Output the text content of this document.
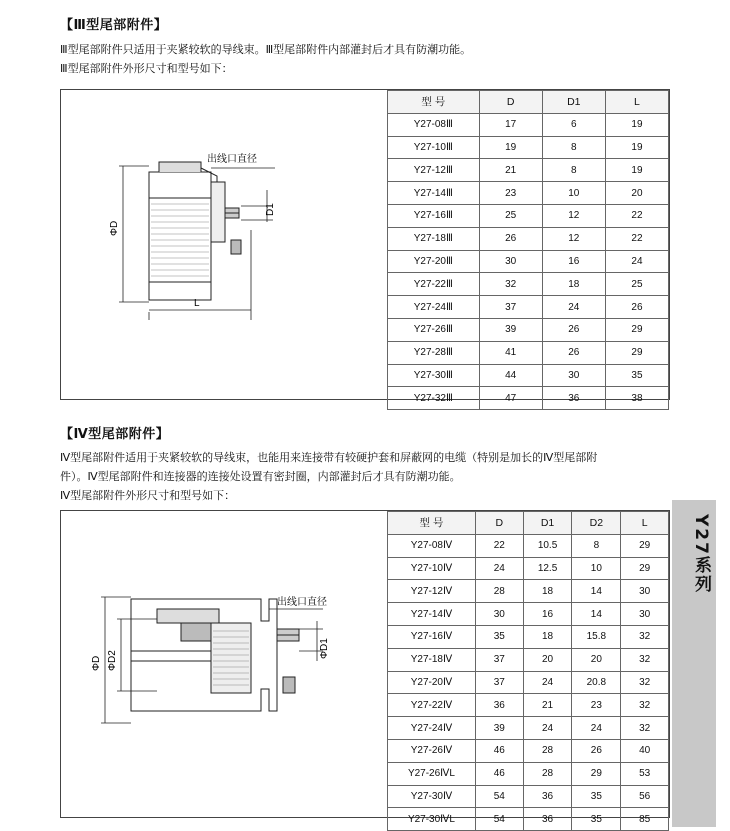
【Ⅲ型尾部附件】
Ⅲ型尾部附件只适用于夹紧较软的导线束。Ⅲ型尾部附件内部灌封后才具有防潮功能。
Ⅲ型尾部附件外形尺寸和型号如下：
出线口直径
ΦD
D1
L
型 号	D	D1	L
Y27-08Ⅲ	17	6	19
Y27-10Ⅲ	19	8	19
Y27-12Ⅲ	21	8	19
Y27-14Ⅲ	23	10	20
Y27-16Ⅲ	25	12	22
Y27-18Ⅲ	26	12	22
Y27-20Ⅲ	30	16	24
Y27-22Ⅲ	32	18	25
Y27-24Ⅲ	37	24	26
Y27-26Ⅲ	39	26	29
Y27-28Ⅲ	41	26	29
Y27-30Ⅲ	44	30	35
Y27-32Ⅲ	47	36	38
【Ⅳ型尾部附件】
Ⅳ型尾部附件适用于夹紧较软的导线束，也能用来连接带有较硬护套和屏蔽网的电缆（特别是加长的Ⅳ型尾部附
件）。Ⅳ型尾部附件和连接器的连接处设置有密封圈，内部灌封后才具有防潮功能。
Ⅳ型尾部附件外形尺寸和型号如下：
出线口直径
ΦD ΦD2
ΦD1
型 号	D	D1	D2	L
Y27-08Ⅳ	22	10.5	8	29
Y27-10Ⅳ	24	12.5	10	29
Y27-12Ⅳ	28	18	14	30
Y27-14Ⅳ	30	16	14	30
Y27-16Ⅳ	35	18	15.8	32
Y27-18Ⅳ	37	20	20	32
Y27-20Ⅳ	37	24	20.8	32
Y27-22Ⅳ	36	21	23	32
Y27-24Ⅳ	39	24	24	32
Y27-26Ⅳ	46	28	26	40
Y27-26ⅣL	46	28	29	53
Y27-30Ⅳ	54	36	35	56
Y27-30ⅣL	54	36	35	85
Y27系列
